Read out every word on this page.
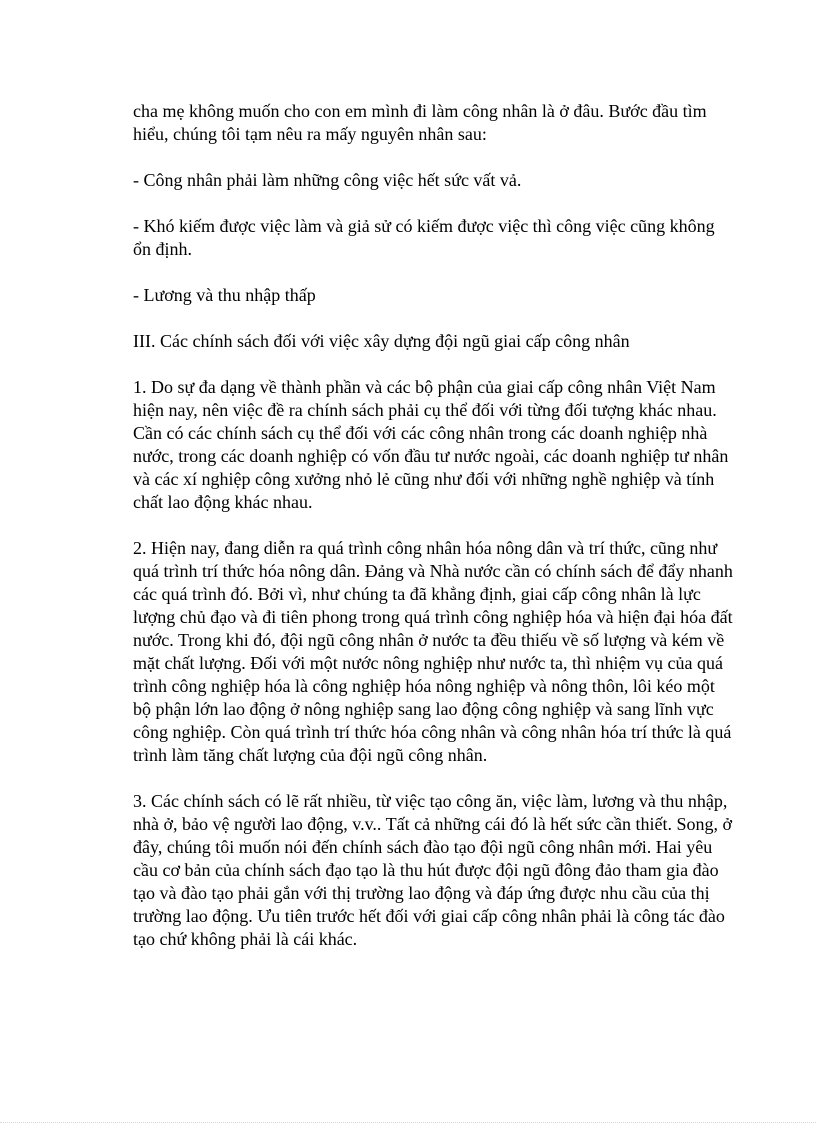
cha mẹ không muốn cho con em mình đi làm công nhân là ở đâu. Bước đầu tìm hiểu, chúng tôi tạm nêu ra mấy nguyên nhân sau:

- Công nhân phải làm những công việc hết sức vất vả.

- Khó kiếm được việc làm và giả sử có kiếm được việc thì công việc cũng không ổn định.

- Lương và thu nhập thấp

III. Các chính sách đối với việc xây dựng đội ngũ giai cấp công nhân

1. Do sự đa dạng về thành phần và các bộ phận của giai cấp công nhân Việt Nam hiện nay, nên việc đề ra chính sách phải cụ thể đối với từng đối tượng khác nhau. Cần có các chính sách cụ thể đối với các công nhân trong các doanh nghiệp nhà nước, trong các doanh nghiệp có vốn đầu tư nước ngoài, các doanh nghiệp tư nhân và các xí nghiệp công xưởng nhỏ lẻ cũng như đối với những nghề nghiệp và tính chất lao động khác nhau.

2. Hiện nay, đang diễn ra quá trình công nhân hóa nông dân và trí thức, cũng như quá trình trí thức hóa nông dân. Đảng và Nhà nước cần có chính sách để đẩy nhanh các quá trình đó. Bởi vì, như chúng ta đã khẳng định, giai cấp công nhân là lực lượng chủ đạo và đi tiên phong trong quá trình công nghiệp hóa và hiện đại hóa đất nước. Trong khi đó, đội ngũ công nhân ở nước ta đều thiếu về số lượng và kém về mặt chất lượng. Đối với một nước nông nghiệp như nước ta, thì nhiệm vụ của quá trình công nghiệp hóa là công nghiệp hóa nông nghiệp và nông thôn, lôi kéo một bộ phận lớn lao động ở nông nghiệp sang lao động công nghiệp và sang lĩnh vực công nghiệp. Còn quá trình trí thức hóa công nhân và công nhân hóa trí thức là quá trình làm tăng chất lượng của đội ngũ công nhân.

3. Các chính sách có lẽ rất nhiều, từ việc tạo công ăn, việc làm, lương và thu nhập, nhà ở, bảo vệ người lao động, v.v.. Tất cả những cái đó là hết sức cần thiết. Song, ở đây, chúng tôi muốn nói đến chính sách đào tạo đội ngũ công nhân mới. Hai yêu cầu cơ bản của chính sách đạo tạo là thu hút được đội ngũ đông đảo tham gia đào tạo và đào tạo phải gắn với thị trường lao động và đáp ứng được nhu cầu của thị trường lao động. Ưu tiên trước hết đối với giai cấp công nhân phải là công tác đào tạo chứ không phải là cái khác.
